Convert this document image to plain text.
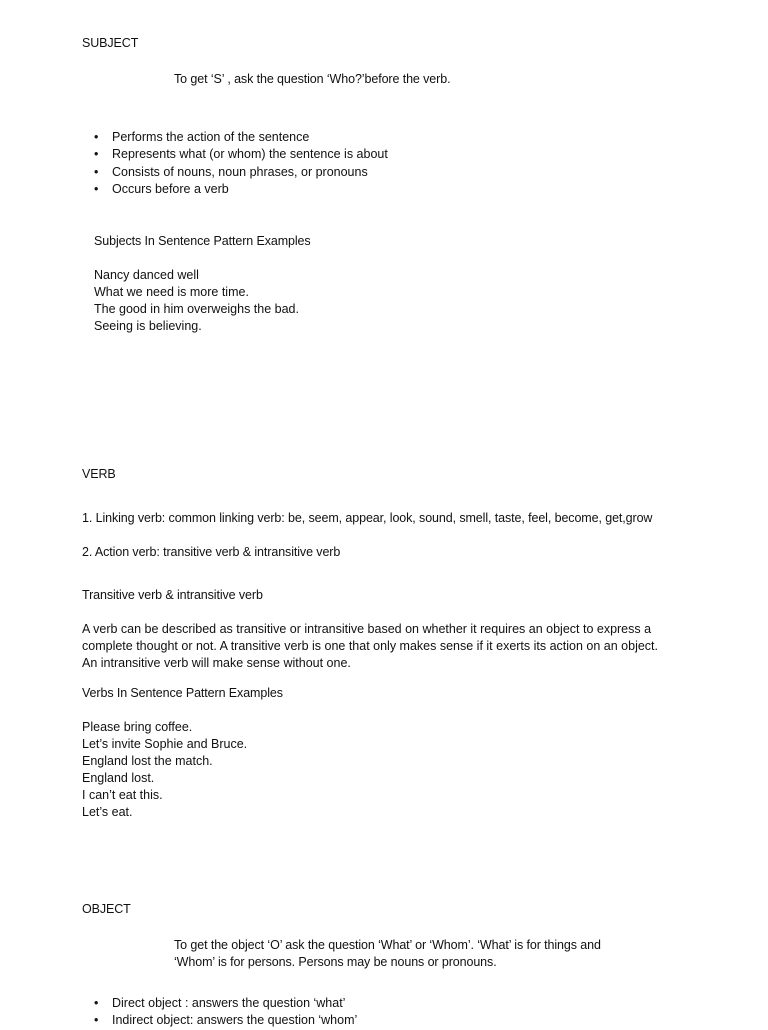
SUBJECT
To get ‘S’ , ask the question ‘Who?’before the verb.
• Performs the action of the sentence
• Represents what (or whom) the sentence is about
• Consists of nouns, noun phrases, or pronouns
• Occurs before a verb
Subjects In Sentence Pattern Examples
Nancy danced well
What we need is more time.
The good in him overweighs the bad.
Seeing is believing.
VERB
1. Linking verb: common linking verb: be, seem, appear, look, sound, smell, taste, feel, become, get,grow
2. Action verb: transitive verb & intransitive verb
Transitive verb & intransitive verb
A verb can be described as transitive or intransitive based on whether it requires an object to express a complete thought or not. A transitive verb is one that only makes sense if it exerts its action on an object. An intransitive verb will make sense without one.
Verbs In Sentence Pattern Examples
Please bring coffee.
Let’s invite Sophie and Bruce.
England lost the match.
England lost.
I can’t eat this.
Let’s eat.
OBJECT
To get the object ‘O’ ask the question ‘What’ or ‘Whom’. ‘What’ is for things and
‘Whom’ is for persons. Persons may be nouns or pronouns.
• Direct object : answers the question ‘what’
• Indirect object: answers the question ‘whom’
